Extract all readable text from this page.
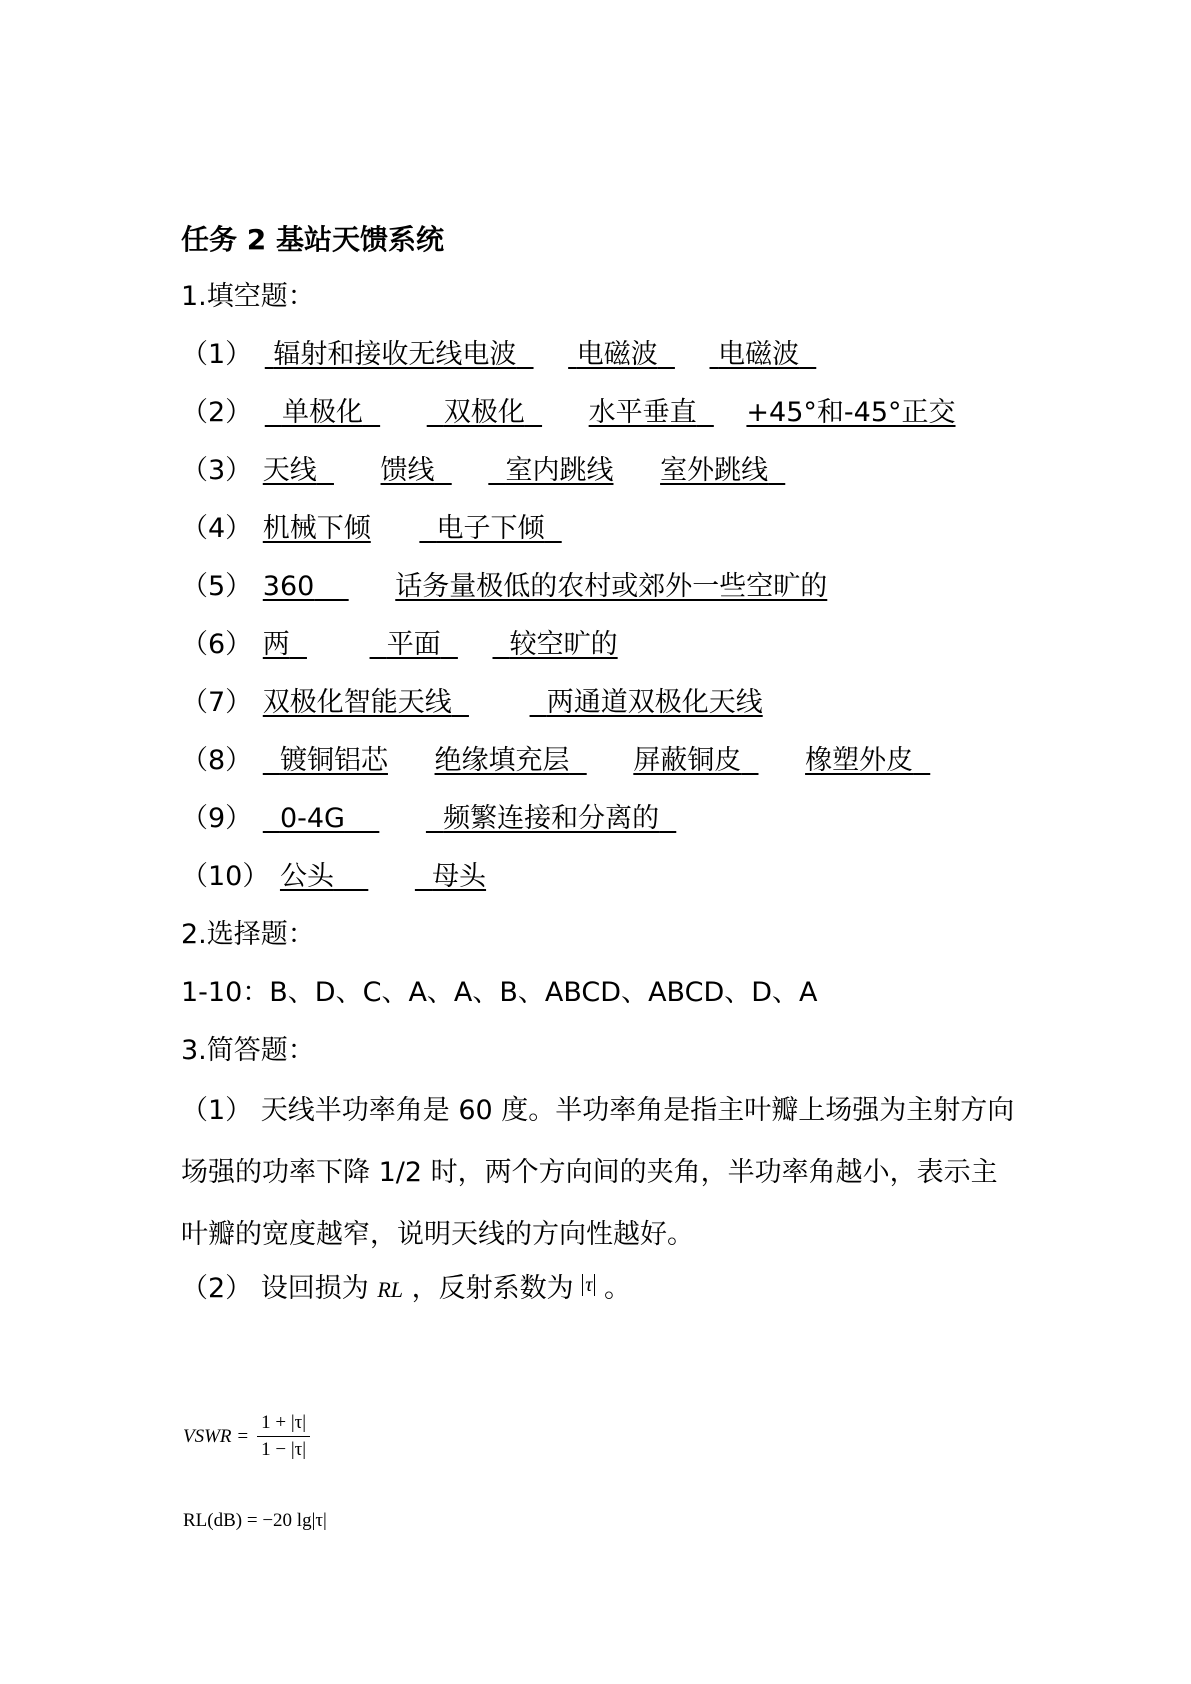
任务 2 基站天馈系统
1.填空题：
（1） 辐射和接收无线电波 电磁波 电磁波
（2） 单极化	双极化 水平垂直 +45°和-45°正交
（3） 天线 馈线	室内跳线 室外跳线
（4） 机械下倾 电子下倾
（5） 360	话务量极低的农村或郊外一些空旷的
（6） 两	平面	较空旷的
（7） 双极化智能天线	两通道双极化天线
（8） 镀铜铝芯 绝缘填充层 屏蔽铜皮 橡塑外皮
（9） 0-4G	频繁连接和分离的
（10） 公头	母头
2.选择题：
1-10：B、D、C、A、A、B、ABCD、ABCD、D、A
3.简答题：
（1） 天线半功率角是 60 度。半功率角是指主叶瓣上场强为主射方向场强的功率下降 1/2 时，两个方向间的夹角，半功率角越小，表示主叶瓣的宽度越窄，说明天线的方向性越好。
（2） 设回损为 RL ，反射系数为 $^\tau$ 。
VSWR = $\frac{1 + |\tau|}{1 - |\tau|}$
RL(dB) = −20 lg|τ|
